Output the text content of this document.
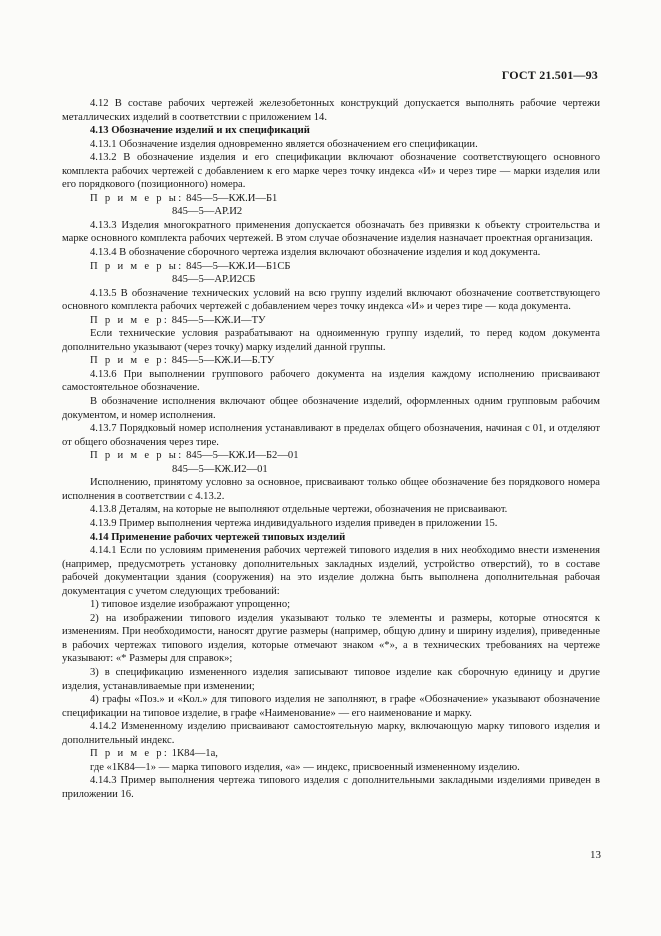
ГОСТ 21.501—93
4.12 В составе рабочих чертежей железобетонных конструкций допускается выполнять рабочие чертежи металлических изделий в соответствии с приложением 14.
4.13 Обозначение изделий и их спецификаций
4.13.1 Обозначение изделия одновременно является обозначением его спецификации.
4.13.2 В обозначение изделия и его спецификации включают обозначение соответствующего основного комплекта рабочих чертежей с добавлением к его марке через точку индекса «И» и через тире — марки изделия или его порядкового (позиционного) номера.
П р и м е р ы: 845—5—КЖ.И—Б1
845—5—АР.И2
4.13.3 Изделия многократного применения допускается обозначать без привязки к объекту строительства и марке основного комплекта рабочих чертежей. В этом случае обозначение изделия назначает проектная организация.
4.13.4 В обозначение сборочного чертежа изделия включают обозначение изделия и код документа.
П р и м е р ы: 845—5—КЖ.И—Б1СБ
845—5—АР.И2СБ
4.13.5 В обозначение технических условий на всю группу изделий включают обозначение соответствующего основного комплекта рабочих чертежей с добавлением через точку индекса «И» и через тире — кода документа.
П р и м е р: 845—5—КЖ.И—ТУ
Если технические условия разрабатывают на одноименную группу изделий, то перед кодом документа дополнительно указывают (через точку) марку изделий данной группы.
П р и м е р: 845—5—КЖ.И—Б.ТУ
4.13.6 При выполнении группового рабочего документа на изделия каждому исполнению присваивают самостоятельное обозначение.
В обозначение исполнения включают общее обозначение изделий, оформленных одним групповым рабочим документом, и номер исполнения.
4.13.7 Порядковый номер исполнения устанавливают в пределах общего обозначения, начиная с 01, и отделяют от общего обозначения через тире.
П р и м е р ы: 845—5—КЖ.И—Б2—01
845—5—КЖ.И2—01
Исполнению, принятому условно за основное, присваивают только общее обозначение без порядкового номера исполнения в соответствии с 4.13.2.
4.13.8 Деталям, на которые не выполняют отдельные чертежи, обозначения не присваивают.
4.13.9 Пример выполнения чертежа индивидуального изделия приведен в приложении 15.
4.14 Применение рабочих чертежей типовых изделий
4.14.1 Если по условиям применения рабочих чертежей типового изделия в них необходимо внести изменения (например, предусмотреть установку дополнительных закладных изделий, устройство отверстий), то в составе рабочей документации здания (сооружения) на это изделие должна быть выполнена дополнительная рабочая документация с учетом следующих требований:
1) типовое изделие изображают упрощенно;
2) на изображении типового изделия указывают только те элементы и размеры, которые относятся к изменениям. При необходимости, наносят другие размеры (например, общую длину и ширину изделия), приведенные в рабочих чертежах типового изделия, которые отмечают знаком «*», а в технических требованиях на чертеже указывают: «* Размеры для справок»;
3) в спецификацию измененного изделия записывают типовое изделие как сборочную единицу и другие изделия, устанавливаемые при изменении;
4) графы «Поз.» и «Кол.» для типового изделия не заполняют, в графе «Обозначение» указывают обозначение спецификации на типовое изделие, в графе «Наименование» — его наименование и марку.
4.14.2 Измененному изделию присваивают самостоятельную марку, включающую марку типового изделия и дополнительный индекс.
П р и м е р: 1К84—1а,
где «1К84—1» — марка типового изделия, «а» — индекс, присвоенный измененному изделию.
4.14.3 Пример выполнения чертежа типового изделия с дополнительными закладными изделиями приведен в приложении 16.
13
